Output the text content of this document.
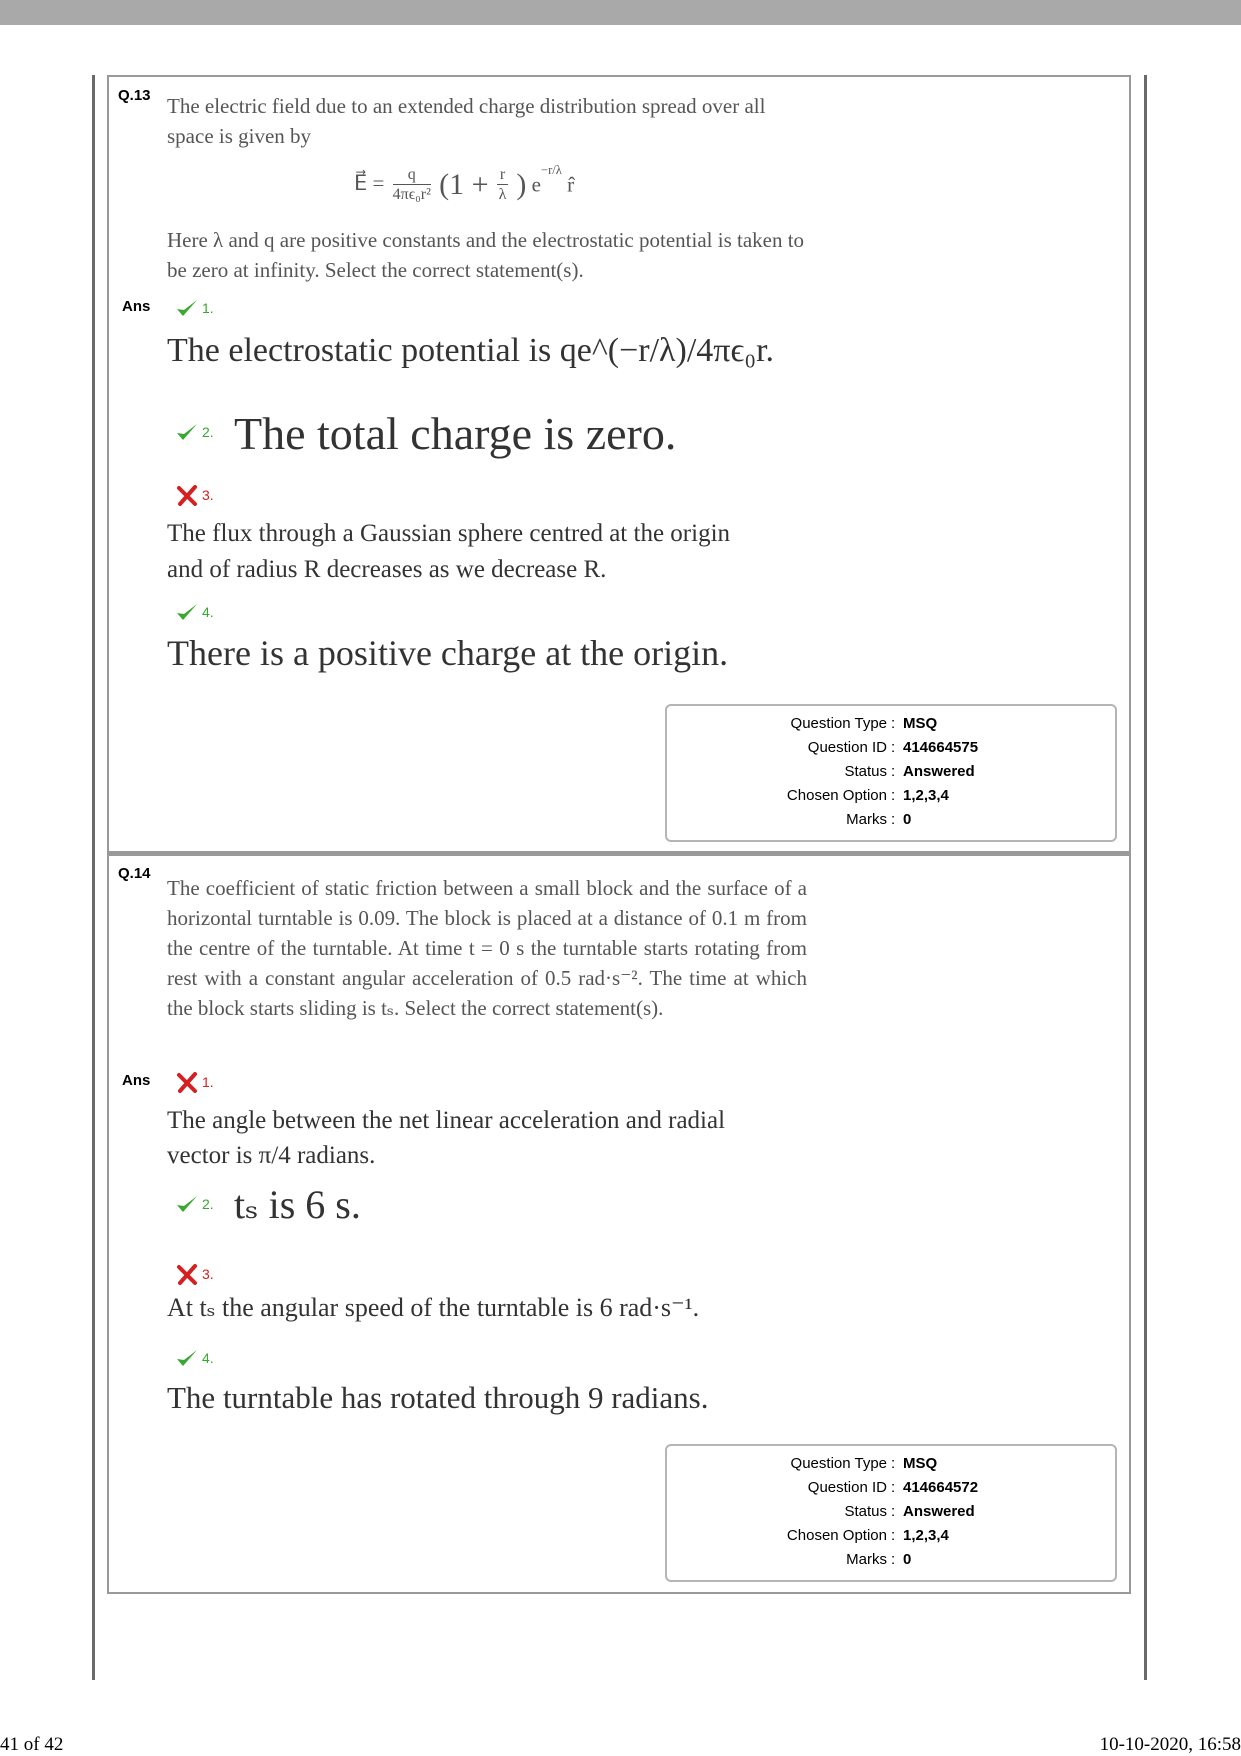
Q.13 The electric field due to an extended charge distribution spread over all space is given by
E⃗ = $\frac{q}{\text{4πϵ₀r²}} (1 + \frac{r}{\lambda}$ ) $e^{-r/\lambda}$ r̂
Here λ and q are positive constants and the electrostatic potential is taken to be zero at infinity. Select the correct statement(s).
Ans	1.
The electrostatic potential is qe^(−r/λ)/4πϵ₀r.
2. The total charge is zero.
3.
The flux through a Gaussian sphere centred at the origin
and of radius R decreases as we decrease R.
4.
There is a positive charge at the origin.
Question Type : MSQ
Question ID : 414664575
Status : Answered
Chosen Option : 1,2,3,4
Marks : 0
Q.14
The coefficient of static friction between a small block and the surface of a horizontal turntable is 0.09. The block is placed at a distance of 0.1 m from the centre of the turntable. At time t = 0 s the turntable starts rotating from rest with a constant angular acceleration of 0.5 rad·s⁻². The time at which the block starts sliding is tₛ. Select the correct statement(s).
Ans	1.
The angle between the net linear acceleration and radial
vector is π/4 radians.
2. tₛ is 6 s.
3.
At tₛ the angular speed of the turntable is 6 rad·s⁻¹.
4.
The turntable has rotated through 9 radians.
Question Type : MSQ
Question ID : 414664572
Status : Answered
Chosen Option : 1,2,3,4
Marks : 0
41 of 42	10-10-2020, 16:58
